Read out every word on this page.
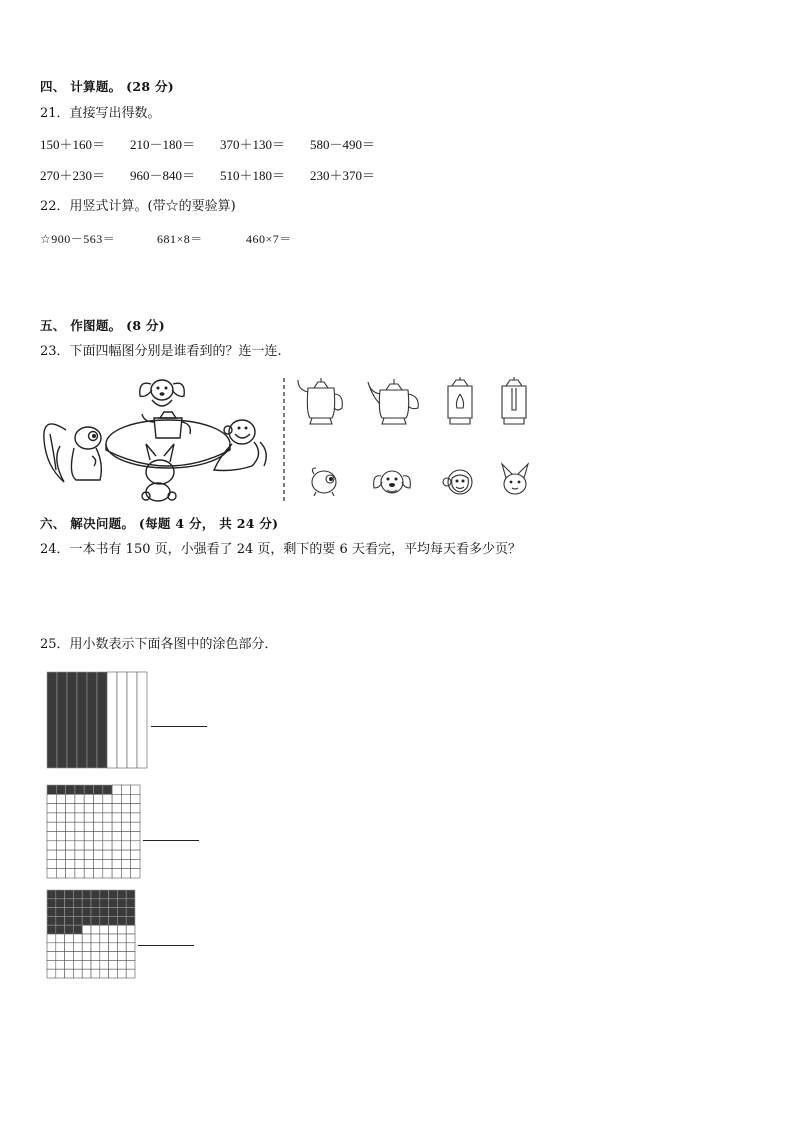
四、 计算题。 (28 分)
21．直接写出得数。
150＋160＝ 210－180＝ 370＋130＝ 580－490＝
270＋230＝ 960－840＝ 510＋180＝ 230＋370＝
22．用竖式计算。(带☆的要验算)
☆900－563＝	681×8＝	460×7＝
五、 作图题。 (8 分)
23．下面四幅图分别是谁看到的？连一连.
六、 解决问题。 (每题 4 分， 共 24 分)
24．一本书有 150 页，小强看了 24 页，剩下的要 6 天看完，平均每天看多少页？
25．用小数表示下面各图中的涂色部分．
